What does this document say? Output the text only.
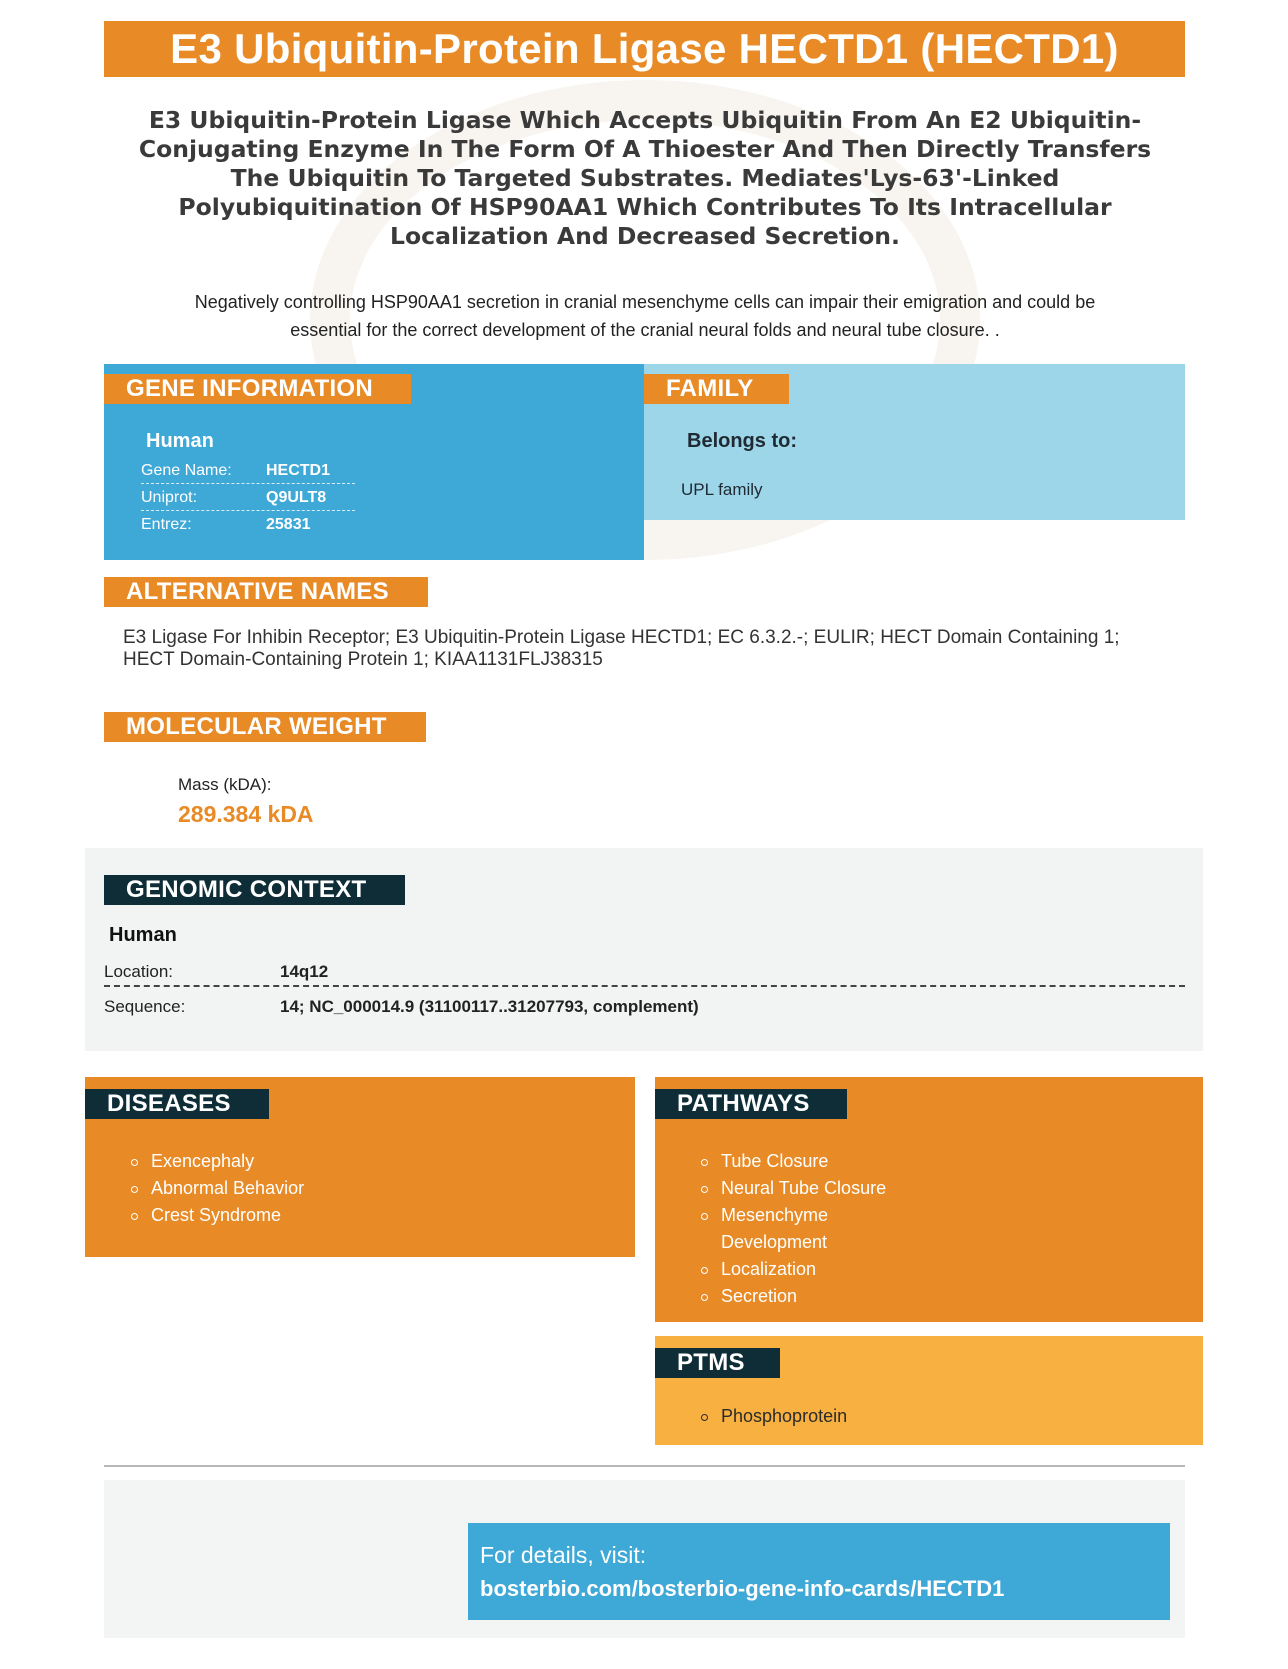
E3 Ubiquitin-Protein Ligase HECTD1 (HECTD1)
E3 Ubiquitin-Protein Ligase Which Accepts Ubiquitin From An E2 Ubiquitin-Conjugating Enzyme In The Form Of A Thioester And Then Directly Transfers The Ubiquitin To Targeted Substrates. Mediates'Lys-63'-Linked Polyubiquitination Of HSP90AA1 Which Contributes To Its Intracellular Localization And Decreased Secretion.
Negatively controlling HSP90AA1 secretion in cranial mesenchyme cells can impair their emigration and could be essential for the correct development of the cranial neural folds and neural tube closure. .
GENE INFORMATION
Human
Gene Name:	HECTD1
Uniprot:	Q9ULT8
Entrez:	25831
FAMILY
Belongs to:
UPL family
ALTERNATIVE NAMES
E3 Ligase For Inhibin Receptor; E3 Ubiquitin-Protein Ligase HECTD1; EC 6.3.2.-; EULIR; HECT Domain Containing 1; HECT Domain-Containing Protein 1; KIAA1131FLJ38315
MOLECULAR WEIGHT
Mass (kDA):
289.384 kDA
GENOMIC CONTEXT
Human
Location:	14q12
Sequence:	14; NC_000014.9 (31100117..31207793, complement)
DISEASES
Exencephaly
Abnormal Behavior
Crest Syndrome
PATHWAYS
Tube Closure
Neural Tube Closure
Mesenchyme Development
Localization
Secretion
PTMS
Phosphoprotein
For details, visit:
bosterbio.com/bosterbio-gene-info-cards/HECTD1
